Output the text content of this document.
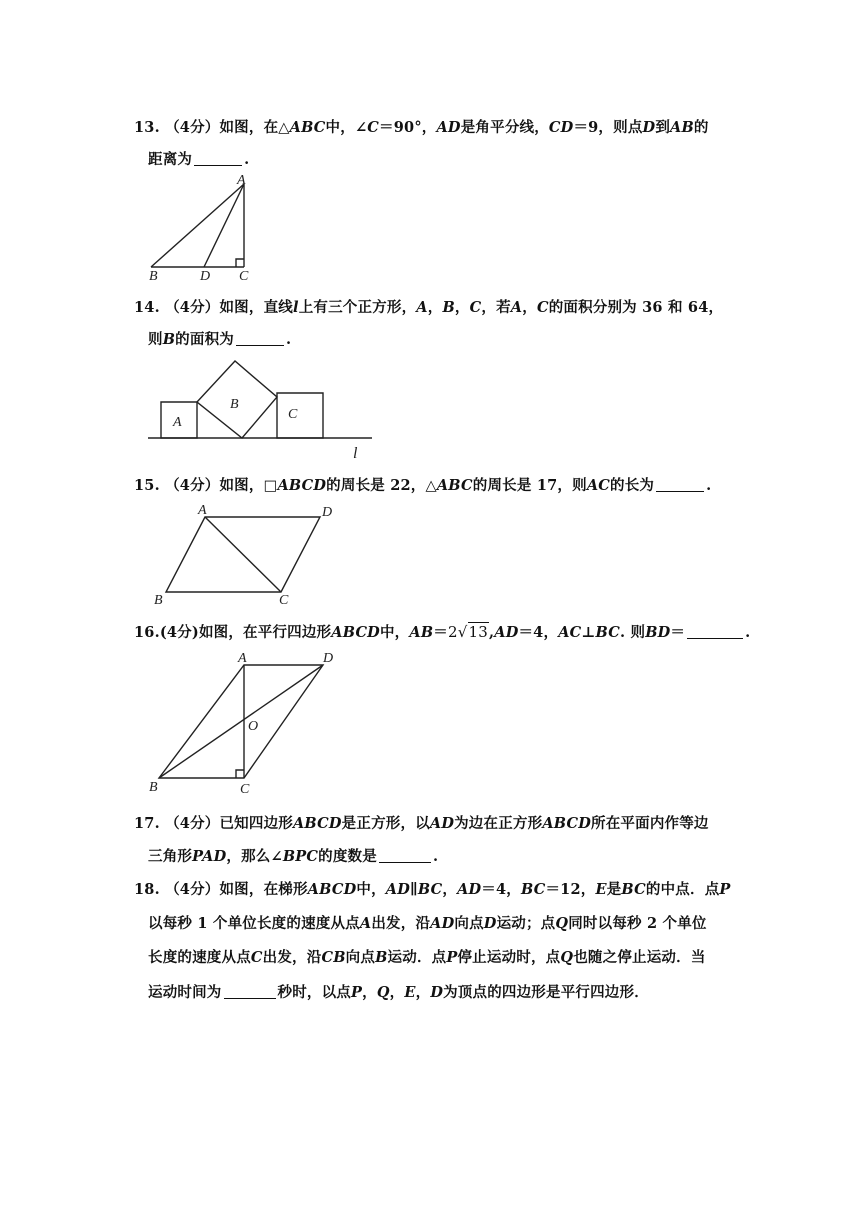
13. （4分）如图，在△ABC中，∠C＝90°，AD是角平分线，CD＝9，则点D到AB的
距离为	.
A
B	D C
14. （4分）如图，直线l上有三个正方形，A，B，C，若A，C的面积分别为 36 和 64，
则B的面积为	.
A
B
C
l
15. （4分）如图，□ABCD的周长是 22，△ABC的周长是 17，则AC的长为	.
A	D
B	C
16.(4分)如图，在平行四边形ABCD中，AB＝2√13,AD＝4，AC⊥BC. 则BD＝	.
A	D
O
B	C
17. （4分）已知四边形ABCD是正方形，以AD为边在正方形ABCD所在平面内作等边
三角形PAD，那么∠BPC的度数是	.
18. （4分）如图，在梯形ABCD中，AD∥BC，AD＝4，BC＝12，E是BC的中点．点P
以每秒 1 个单位长度的速度从点A出发，沿AD向点D运动；点Q同时以每秒 2 个单位
长度的速度从点C出发，沿CB向点B运动．点P停止运动时，点Q也随之停止运动．当
运动时间为	秒时，以点P，Q，E，D为顶点的四边形是平行四边形．
